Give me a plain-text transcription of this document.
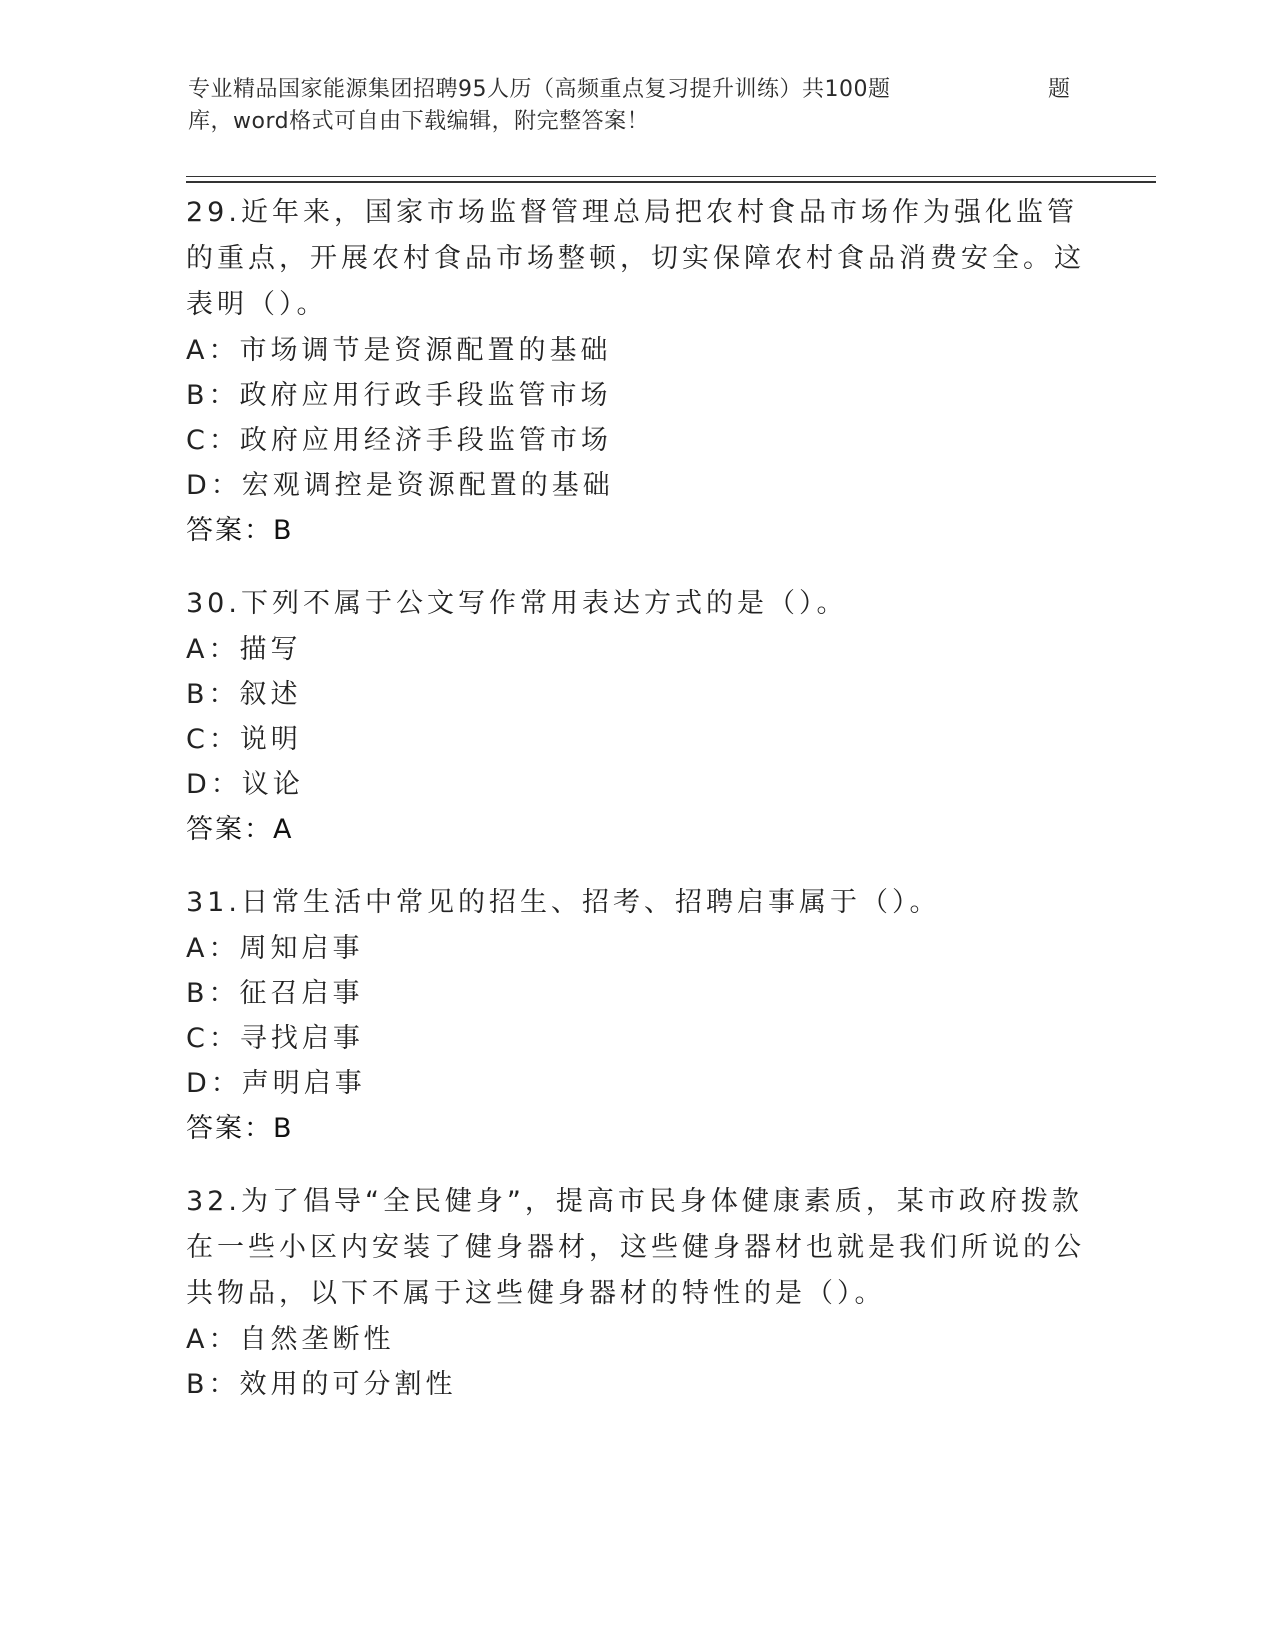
专业精品国家能源集团招聘95人历（高频重点复习提升训练）共100题	题
库，word格式可自由下载编辑，附完整答案！

29.近年来，国家市场监督管理总局把农村食品市场作为强化监管的重点，开展农村食品市场整顿，切实保障农村食品消费安全。这表明（）。

A：市场调节是资源配置的基础

B：政府应用行政手段监管市场

C：政府应用经济手段监管市场

D：宏观调控是资源配置的基础

答案：B

30.下列不属于公文写作常用表达方式的是（）。

A：描写

B：叙述

C：说明

D：议论

答案：A

31.日常生活中常见的招生、招考、招聘启事属于（）。

A：周知启事

B：征召启事

C：寻找启事

D：声明启事

答案：B

32.为了倡导“全民健身”，提高市民身体健康素质，某市政府拨款在一些小区内安装了健身器材，这些健身器材也就是我们所说的公共物品，以下不属于这些健身器材的特性的是（）。

A：自然垄断性

B：效用的可分割性
